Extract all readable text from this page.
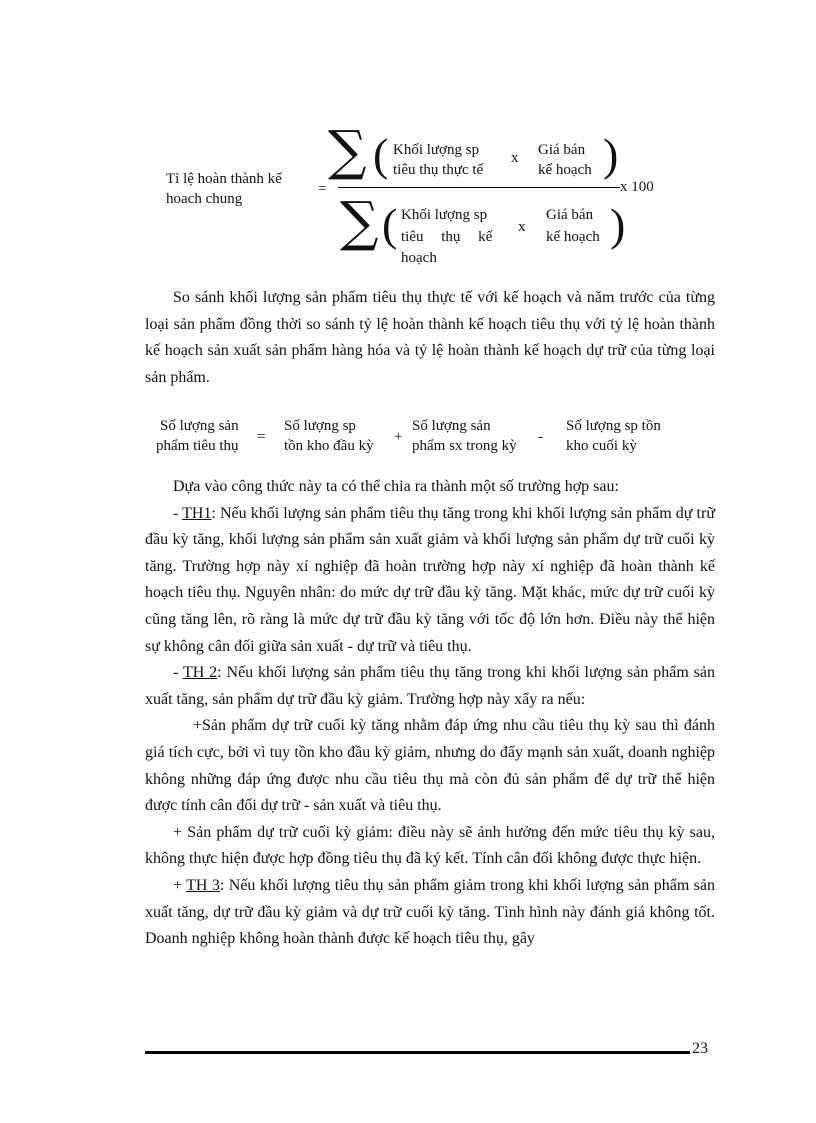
Tỉ lệ hoàn thành kế
hoach chung
=
∑ ( Khối lượng sp
tiêu thụ thực tế
x Giá bán
kế hoạch )
x 100
∑ ( Khối lượng sp
tiêu thụ kế
hoạch
x
Giá bán
kế hoạch )

So sánh khối lượng sản phẩm tiêu thụ thực tế với kế hoạch và năm trước của từng loại sản phẩm đồng thời so sánh tỷ lệ hoàn thành kế hoạch tiêu thụ với tỷ lệ hoàn thành kế hoạch sản xuất sản phẩm hàng hóa và tỷ lệ hoàn thành kế hoạch dự trữ của từng loại sản phẩm.

Số lượng sản
phẩm tiêu thụ
=
Số lượng sp
tồn kho đầu kỳ
+
Số lượng sản
phẩm sx trong kỳ
-
Số lượng sp tồn
kho cuối kỳ

Dựa vào công thức này ta có thể chia ra thành một số trường hợp sau:

- TH1: Nếu khối lượng sản phẩm tiêu thụ tăng trong khi khối lượng sản phẩm dự trữ đầu kỳ tăng, khối lượng sản phẩm sản xuất giảm và khối lượng sản phẩm dự trữ cuối kỳ tăng. Trường hợp này xí nghiệp đã hoàn trường hợp này xí nghiệp đã hoàn thành kế hoạch tiêu thụ. Nguyên nhân: do mức dự trữ đầu kỳ tăng. Mặt khác, mức dự trữ cuối kỳ cũng tăng lên, rõ ràng là mức dự trữ đầu kỳ tăng với tốc độ lớn hơn. Điều này thể hiện sự không cân đối giữa sản xuất - dự trữ và tiêu thụ.

- TH 2: Nếu khối lượng sản phẩm tiêu thụ tăng trong khi khối lượng sản phẩm sản xuất tăng, sản phẩm dự trữ đầu kỳ giảm. Trường hợp này xẩy ra nếu:

+Sản phẩm dự trữ cuối kỳ tăng nhằm đáp ứng nhu cầu tiêu thụ kỳ sau thì đánh giá tích cực, bởi vì tuy tồn kho đầu kỳ giảm, nhưng do đẩy mạnh sản xuất, doanh nghiệp không những đáp ứng được nhu cầu tiêu thụ mà còn đủ sản phẩm để dự trữ thể hiện được tính cân đối dự trữ - sản xuất và tiêu thụ.

+ Sản phẩm dự trữ cuối kỳ giảm: điều này sẽ ảnh hưởng đến mức tiêu thụ kỳ sau, không thực hiện được hợp đồng tiêu thụ đã ký kết. Tính cân đối không được thực hiện.

+ TH 3: Nếu khối lượng tiêu thụ sản phẩm giảm trong khi khối lượng sản phẩm sản xuất tăng, dự trữ đầu kỳ giảm và dự trữ cuối kỳ tăng. Tình hình này đánh giá không tốt. Doanh nghiệp không hoàn thành được kế hoạch tiêu thụ, gây

23
